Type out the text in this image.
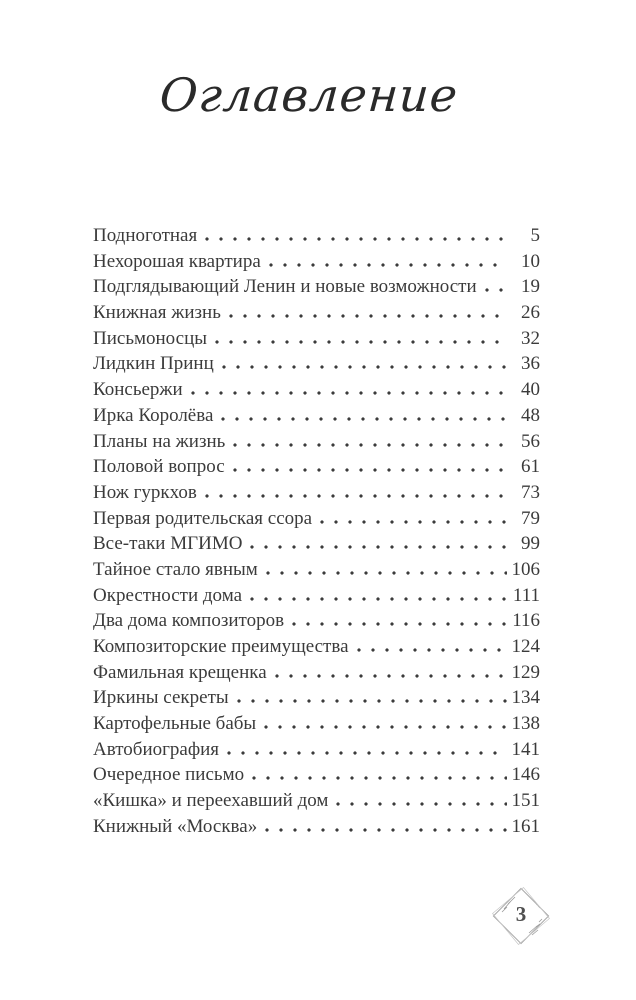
Оглавление
Подноготная	5
Нехорошая квартира	10
Подглядывающий Ленин и новые возможности	19
Книжная жизнь	26
Письмоносцы	32
Лидкин Принц	36
Консьержи	40
Ирка Королёва	48
Планы на жизнь	56
Половой вопрос	61
Нож гуркхов	73
Первая родительская ссора	79
Все-таки МГИМО	99
Тайное стало явным	106
Окрестности дома	111
Два дома композиторов	116
Композиторские преимущества	124
Фамильная крещенка	129
Иркины секреты	134
Картофельные бабы	138
Автобиография	141
Очередное письмо	146
«Кишка» и переехавший дом	151
Книжный «Москва»	161
3
